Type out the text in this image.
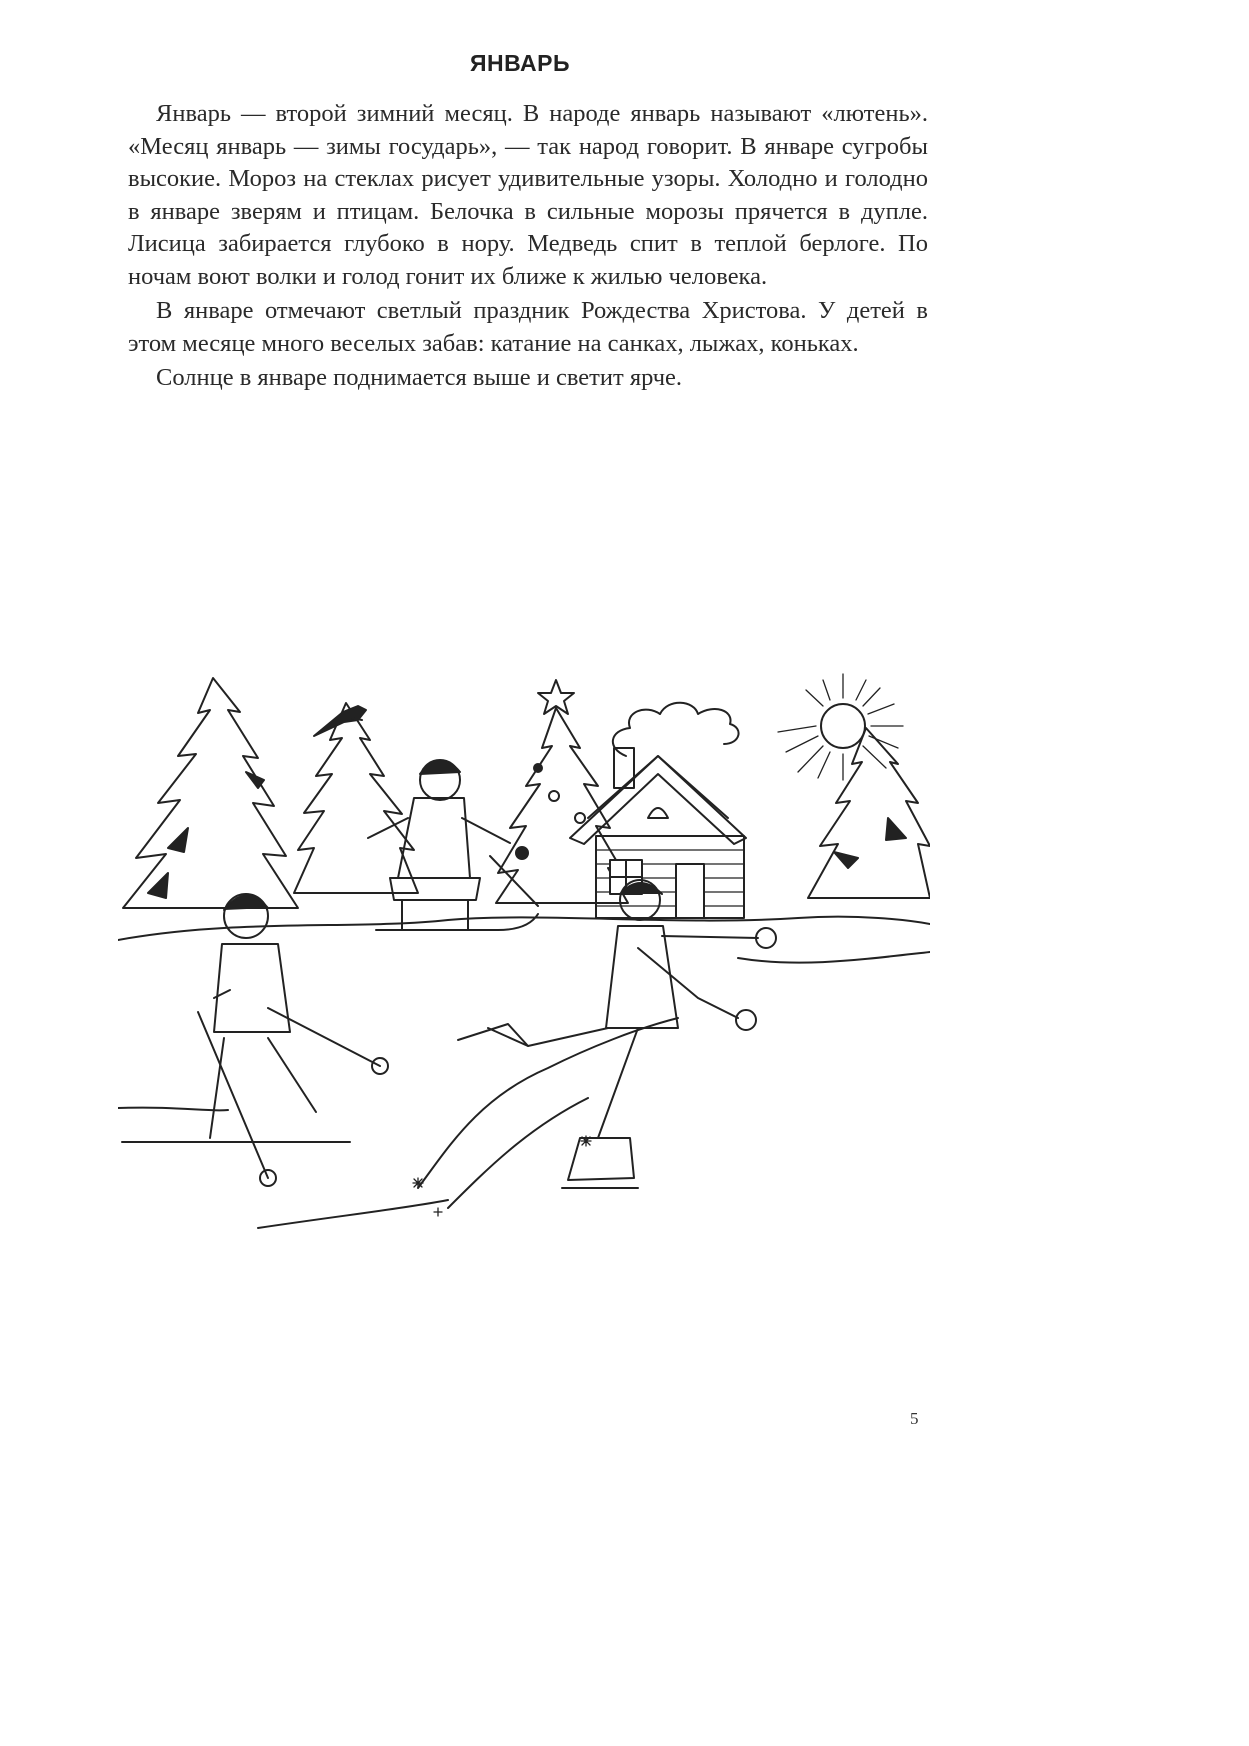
ЯНВАРЬ

Январь — второй зимний месяц. В народе январь называют «лютень». «Месяц январь — зимы государь», — так народ говорит. В январе сугробы высокие. Мороз на стеклах рисует удивительные узоры. Холодно и голодно в январе зверям и птицам. Белочка в сильные морозы прячется в дупле. Лисица забирается глубоко в нору. Медведь спит в теплой берлоге. По ночам воют волки и голод гонит их ближе к жилью человека.

В январе отмечают светлый праздник Рождества Христова. У детей в этом месяце много веселых забав: катание на санках, лыжах, коньках.

Солнце в январе поднимается выше и светит ярче.

5
